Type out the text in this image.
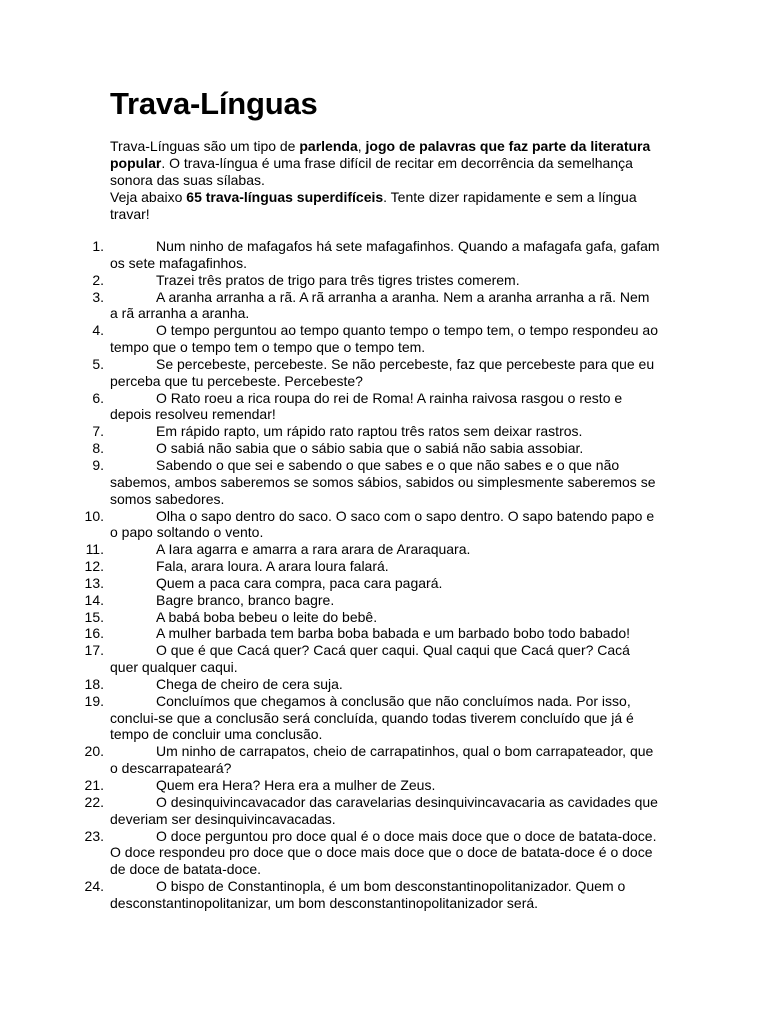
Trava-Línguas

Trava-Línguas são um tipo de parlenda, jogo de palavras que faz parte da literatura popular. O trava-língua é uma frase difícil de recitar em decorrência da semelhança sonora das suas sílabas.

Veja abaixo 65 trava-línguas superdifíceis. Tente dizer rapidamente e sem a língua travar!

1.	Num ninho de mafagafos há sete mafagafinhos. Quando a mafagafa gafa, gafam os sete mafagafinhos.
2.	Trazei três pratos de trigo para três tigres tristes comerem.
3.	A aranha arranha a rã. A rã arranha a aranha. Nem a aranha arranha a rã. Nem a rã arranha a aranha.
4.	O tempo perguntou ao tempo quanto tempo o tempo tem, o tempo respondeu ao tempo que o tempo tem o tempo que o tempo tem.
5.	Se percebeste, percebeste. Se não percebeste, faz que percebeste para que eu perceba que tu percebeste. Percebeste?
6.	O Rato roeu a rica roupa do rei de Roma! A rainha raivosa rasgou o resto e depois resolveu remendar!
7.	Em rápido rapto, um rápido rato raptou três ratos sem deixar rastros.
8.	O sabiá não sabia que o sábio sabia que o sabiá não sabia assobiar.
9.	Sabendo o que sei e sabendo o que sabes e o que não sabes e o que não sabemos, ambos saberemos se somos sábios, sabidos ou simplesmente saberemos se somos sabedores.
10.	Olha o sapo dentro do saco. O saco com o sapo dentro. O sapo batendo papo e o papo soltando o vento.
11.	A Iara agarra e amarra a rara arara de Araraquara.
12.	Fala, arara loura. A arara loura falará.
13.	Quem a paca cara compra, paca cara pagará.
14.	Bagre branco, branco bagre.
15.	A babá boba bebeu o leite do bebê.
16.	A mulher barbada tem barba boba babada e um barbado bobo todo babado!
17.	O que é que Cacá quer? Cacá quer caqui. Qual caqui que Cacá quer? Cacá quer qualquer caqui.
18.	Chega de cheiro de cera suja.
19.	Concluímos que chegamos à conclusão que não concluímos nada. Por isso, conclui-se que a conclusão será concluída, quando todas tiverem concluído que já é tempo de concluir uma conclusão.
20.	Um ninho de carrapatos, cheio de carrapatinhos, qual o bom carrapateador, que o descarrapateará?
21.	Quem era Hera? Hera era a mulher de Zeus.
22.	O desinquivincavacador das caravelarias desinquivincavacaria as cavidades que deveriam ser desinquivincavacadas.
23.	O doce perguntou pro doce qual é o doce mais doce que o doce de batata-doce. O doce respondeu pro doce que o doce mais doce que o doce de batata-doce é o doce de doce de batata-doce.
24.	O bispo de Constantinopla, é um bom desconstantinopolitanizador. Quem o desconstantinopolitanizar, um bom desconstantinopolitanizador será.
